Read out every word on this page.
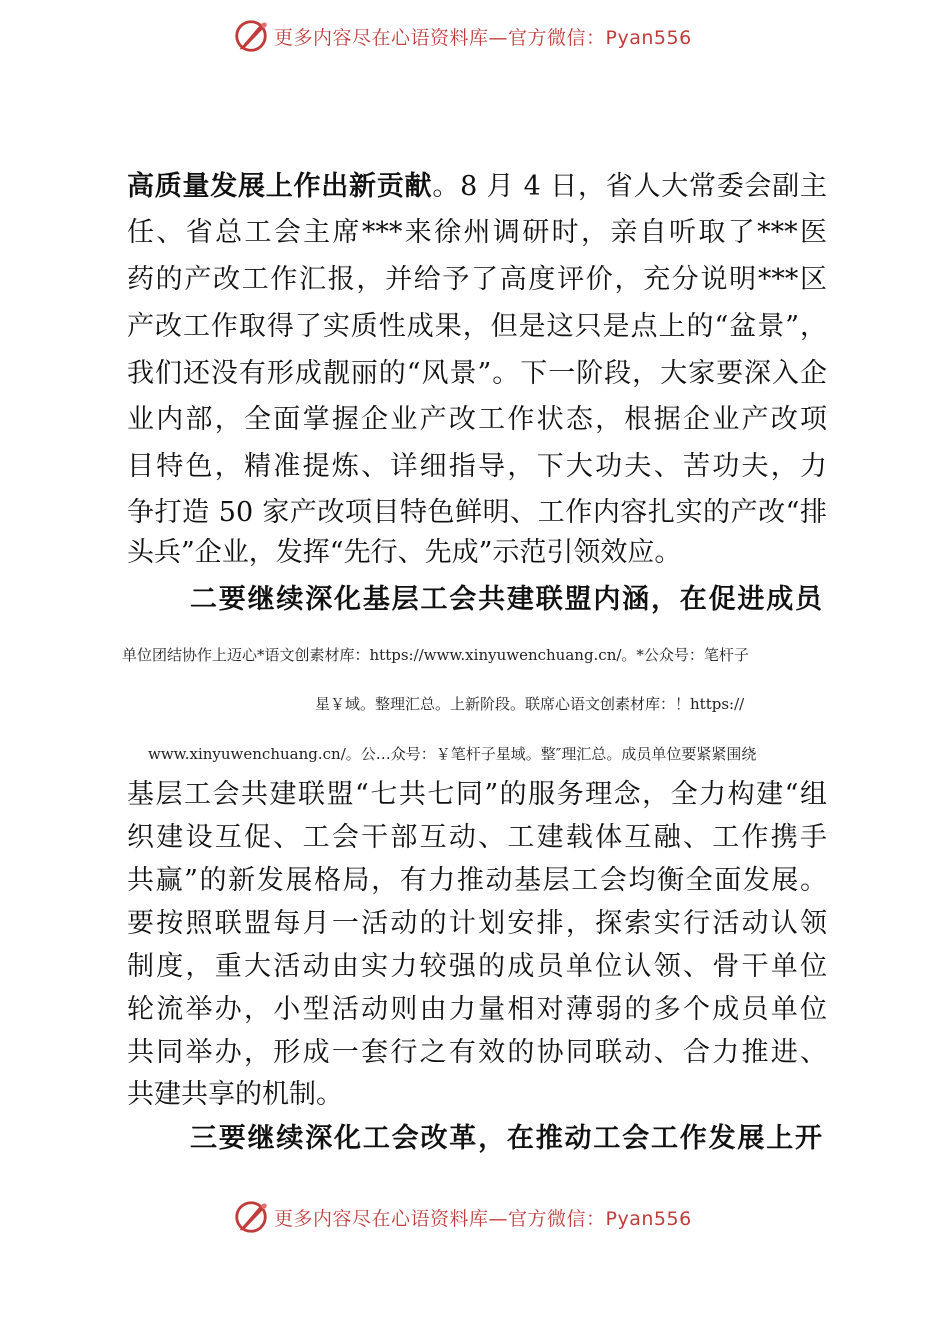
更多内容尽在心语资料库—官方微信：Pyan556
高质量发展上作出新贡献。8 月 4 日，省人大常委会副主
任、省总工会主席***来徐州调研时，亲自听取了***医
药的产改工作汇报，并给予了高度评价，充分说明***区
产改工作取得了实质性成果，但是这只是点上的“盆景”，
我们还没有形成靓丽的“风景”。下一阶段，大家要深入企
业内部，全面掌握企业产改工作状态，根据企业产改项
目特色，精准提炼、详细指导，下大功夫、苦功夫，力
争打造 50 家产改项目特色鲜明、工作内容扎实的产改“排
头兵”企业，发挥“先行、先成”示范引领效应。
二要继续深化基层工会共建联盟内涵，在促进成员
单位团结协作上迈心*语文创素材库：https://www.xinyuwenchuang.cn/。*公众号：笔杆子
星￥域。整理汇总。上新阶段。联席心语文创素材库：！https://
www.xinyuwenchuang.cn/。公…众号：￥笔杆子星域。整″理汇总。成员单位要紧紧围绕
基层工会共建联盟“七共七同”的服务理念，全力构建“组
织建设互促、工会干部互动、工建载体互融、工作携手
共赢”的新发展格局，有力推动基层工会均衡全面发展。
要按照联盟每月一活动的计划安排，探索实行活动认领
制度，重大活动由实力较强的成员单位认领、骨干单位
轮流举办，小型活动则由力量相对薄弱的多个成员单位
共同举办，形成一套行之有效的协同联动、合力推进、
共建共享的机制。
三要继续深化工会改革，在推动工会工作发展上开
更多内容尽在心语资料库—官方微信：Pyan556
